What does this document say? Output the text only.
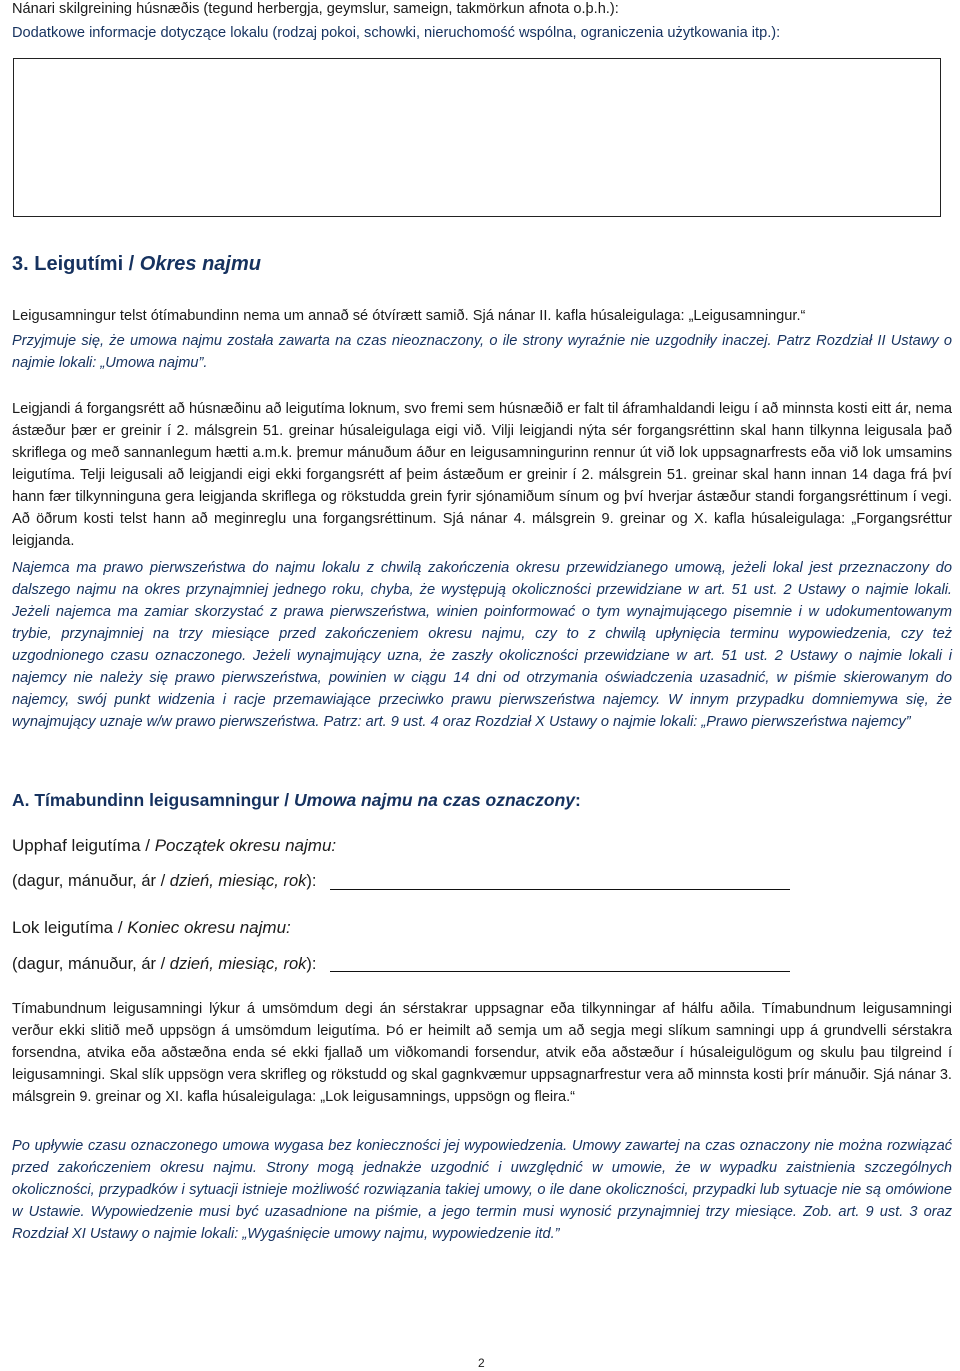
Nánari skilgreining húsnæðis (tegund herbergja, geymslur, sameign, takmörkun afnota o.þ.h.):
Dodatkowe informacje dotyczące lokalu (rodzaj pokoi, schowki, nieruchomość wspólna, ograniczenia użytkowania itp.):
3. Leigutími / Okres najmu
Leigusamningur telst ótímabundinn nema um annað sé ótvírætt samið. Sjá nánar II. kafla húsaleigulaga: „Leigusamningur.“
Przyjmuje się, że umowa najmu została zawarta na czas nieoznaczony, o ile strony wyraźnie nie uzgodniły inaczej. Patrz Rozdział II Ustawy o najmie lokali: „Umowa najmu”.
Leigjandi á forgangsrétt að húsnæðinu að leigutíma loknum, svo fremi sem húsnæðið er falt til áframhaldandi leigu í að minnsta kosti eitt ár, nema ástæður þær er greinir í 2. málsgrein 51. greinar húsaleigulaga eigi við. Vilji leigjandi nýta sér forgangsréttinn skal hann tilkynna leigusala það skriflega og með sannanlegum hætti a.m.k. þremur mánuðum áður en leigusamningurinn rennur út við lok uppsagnarfrests eða við lok umsamins leigutíma. Telji leigusali að leigjandi eigi ekki forgangsrétt af þeim ástæðum er greinir í 2. málsgrein 51. greinar skal hann innan 14 daga frá því hann fær tilkynninguna gera leigjanda skriflega og rökstudda grein fyrir sjónamiðum sínum og því hverjar ástæður standi forgangsréttinum í vegi. Að öðrum kosti telst hann að meginreglu una forgangsréttinum. Sjá nánar 4. málsgrein 9. greinar og X. kafla húsaleigulaga: „Forgangsréttur leigjanda.
Najemca ma prawo pierwszeństwa do najmu lokalu z chwilą zakończenia okresu przewidzianego umową, jeżeli lokal jest przeznaczony do dalszego najmu na okres przynajmniej jednego roku, chyba, że występują okoliczności przewidziane w art. 51 ust. 2 Ustawy o najmie lokali. Jeżeli najemca ma zamiar skorzystać z prawa pierwszeństwa, winien poinformować o tym wynajmującego pisemnie i w udokumentowanym trybie, przynajmniej na trzy miesiące przed zakończeniem okresu najmu, czy to z chwilą upłynięcia terminu wypowiedzenia, czy też uzgodnionego czasu oznaczonego. Jeżeli wynajmujący uzna, że zaszły okoliczności przewidziane w art. 51 ust. 2 Ustawy o najmie lokali i najemcy nie należy się prawo pierwszeństwa, powinien w ciągu 14 dni od otrzymania oświadczenia uzasadnić, w piśmie skierowanym do najemcy, swój punkt widzenia i racje przemawiające przeciwko prawu pierwszeństwa najemcy. W innym przypadku domniemywa się, że wynajmujący uznaje w/w prawo pierwszeństwa. Patrz: art. 9 ust. 4 oraz Rozdział X Ustawy o najmie lokali: „Prawo pierwszeństwa najemcy”
A. Tímabundinn leigusamningur / Umowa najmu na czas oznaczony:
Upphaf leigutíma / Początek okresu najmu:
(dagur, mánuður, ár / dzień, miesiąc, rok):
Lok leigutíma / Koniec okresu najmu:
(dagur, mánuður, ár / dzień, miesiąc, rok):
Tímabundnum leigusamningi lýkur á umsömdum degi án sérstakrar uppsagnar eða tilkynningar af hálfu aðila. Tímabundnum leigusamningi verður ekki slitið með uppsögn á umsömdum leigutíma. Þó er heimilt að semja um að segja megi slíkum samningi upp á grundvelli sérstakra forsendna, atvika eða aðstæðna enda sé ekki fjallað um viðkomandi forsendur, atvik eða aðstæður í húsaleigulögum og skulu þau tilgreind í leigusamningi. Skal slík uppsögn vera skrifleg og rökstudd og skal gagnkvæmur uppsagnarfrestur vera að minnsta kosti þrír mánuðir. Sjá nánar 3. málsgrein 9. greinar og XI. kafla húsaleigulaga: „Lok leigusamnings, uppsögn og fleira.“
Po upływie czasu oznaczonego umowa wygasa bez konieczności jej wypowiedzenia. Umowy zawartej na czas oznaczony nie można rozwiązać przed zakończeniem okresu najmu. Strony mogą jednakże uzgodnić i uwzględnić w umowie, że w wypadku zaistnienia szczególnych okoliczności, przypadków i sytuacji istnieje możliwość rozwiązania takiej umowy, o ile dane okoliczności, przypadki lub sytuacje nie są omówione w Ustawie. Wypowiedzenie musi być uzasadnione na piśmie, a jego termin musi wynosić przynajmniej trzy miesiące. Zob. art. 9 ust. 3 oraz Rozdział XI Ustawy o najmie lokali: „Wygaśnięcie umowy najmu, wypowiedzenie itd.”
2
